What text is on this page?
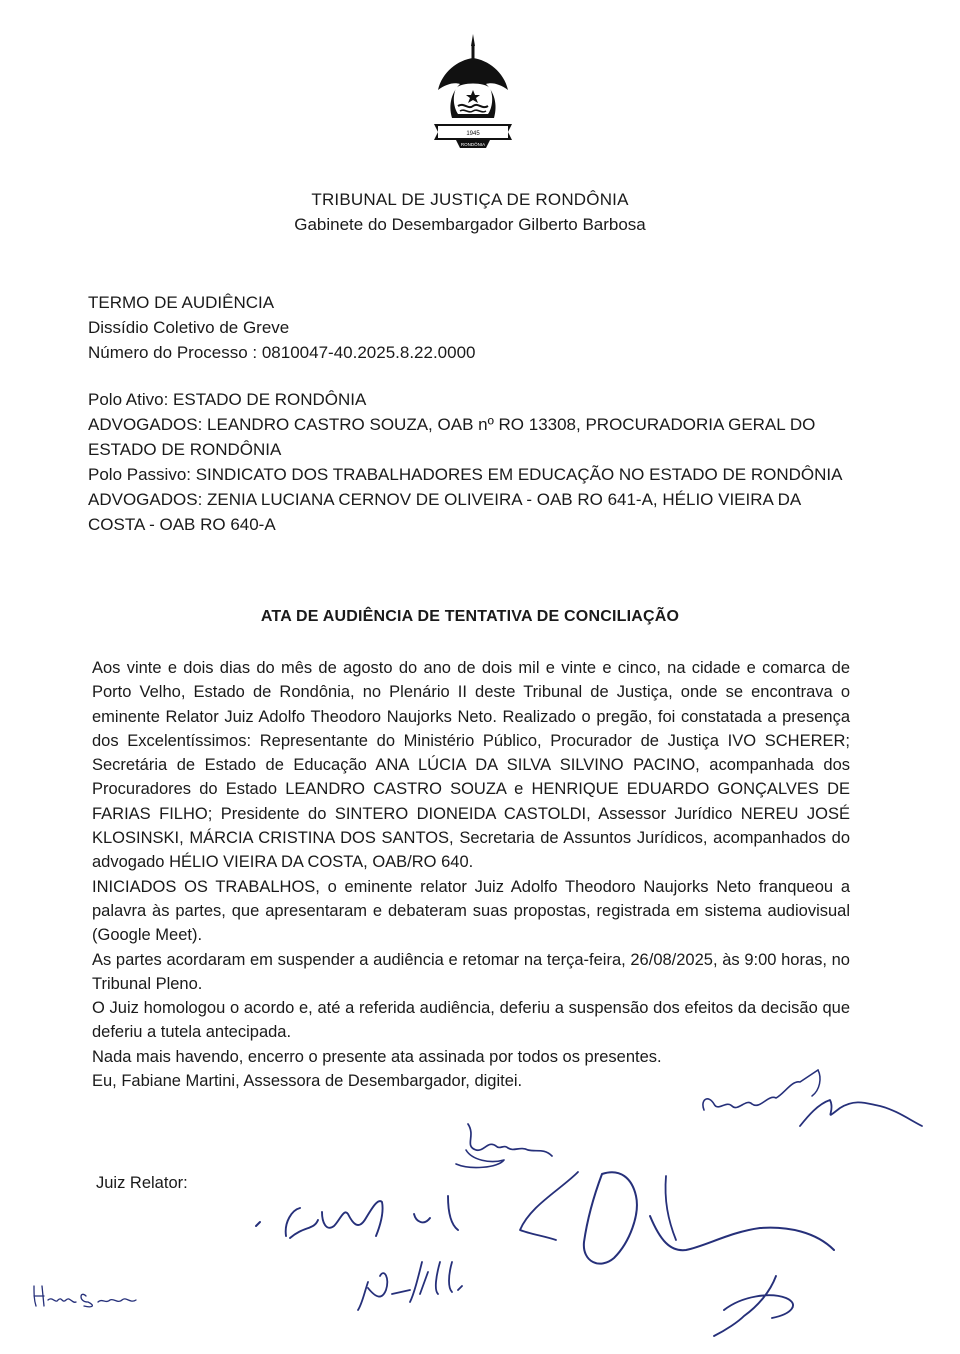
1945
RONDÔNIA
TRIBUNAL DE JUSTIÇA DE RONDÔNIA
Gabinete do Desembargador Gilberto Barbosa
TERMO DE AUDIÊNCIA
Dissídio Coletivo de Greve
Número do Processo : 0810047-40.2025.8.22.0000
Polo Ativo: ESTADO DE RONDÔNIA
ADVOGADOS: LEANDRO CASTRO SOUZA, OAB nº RO 13308, PROCURADORIA GERAL DO ESTADO DE RONDÔNIA
Polo Passivo: SINDICATO DOS TRABALHADORES EM EDUCAÇÃO NO ESTADO DE RONDÔNIA
ADVOGADOS: ZENIA LUCIANA CERNOV DE OLIVEIRA - OAB RO 641-A, HÉLIO VIEIRA DA COSTA - OAB RO 640-A
ATA DE AUDIÊNCIA DE TENTATIVA DE CONCILIAÇÃO

Aos vinte e dois dias do mês de agosto do ano de dois mil e vinte e cinco, na cidade e comarca de Porto Velho, Estado de Rondônia, no Plenário II deste Tribunal de Justiça, onde se encontrava o eminente Relator Juiz Adolfo Theodoro Naujorks Neto. Realizado o pregão, foi constatada a presença dos Excelentíssimos: Representante do Ministério Público, Procurador de Justiça IVO SCHERER; Secretária de Estado de Educação ANA LÚCIA DA SILVA SILVINO PACINO, acompanhada dos Procuradores do Estado LEANDRO CASTRO SOUZA e HENRIQUE EDUARDO GONÇALVES DE FARIAS FILHO; Presidente do SINTERO DIONEIDA CASTOLDI, Assessor Jurídico NEREU JOSÉ KLOSINSKI, MÁRCIA CRISTINA DOS SANTOS, Secretaria de Assuntos Jurídicos, acompanhados do advogado HÉLIO VIEIRA DA COSTA, OAB/RO 640.

INICIADOS OS TRABALHOS, o eminente relator Juiz Adolfo Theodoro Naujorks Neto franqueou a palavra às partes, que apresentaram e debateram suas propostas, registrada em sistema audiovisual (Google Meet).

As partes acordaram em suspender a audiência e retomar na terça-feira, 26/08/2025, às 9:00 horas, no Tribunal Pleno.

O Juiz homologou o acordo e, até a referida audiência, deferiu a suspensão dos efeitos da decisão que deferiu a tutela antecipada.

Nada mais havendo, encerro o presente ata assinada por todos os presentes.

Eu, Fabiane Martini, Assessora de Desembargador, digitei.

Juiz Relator:
